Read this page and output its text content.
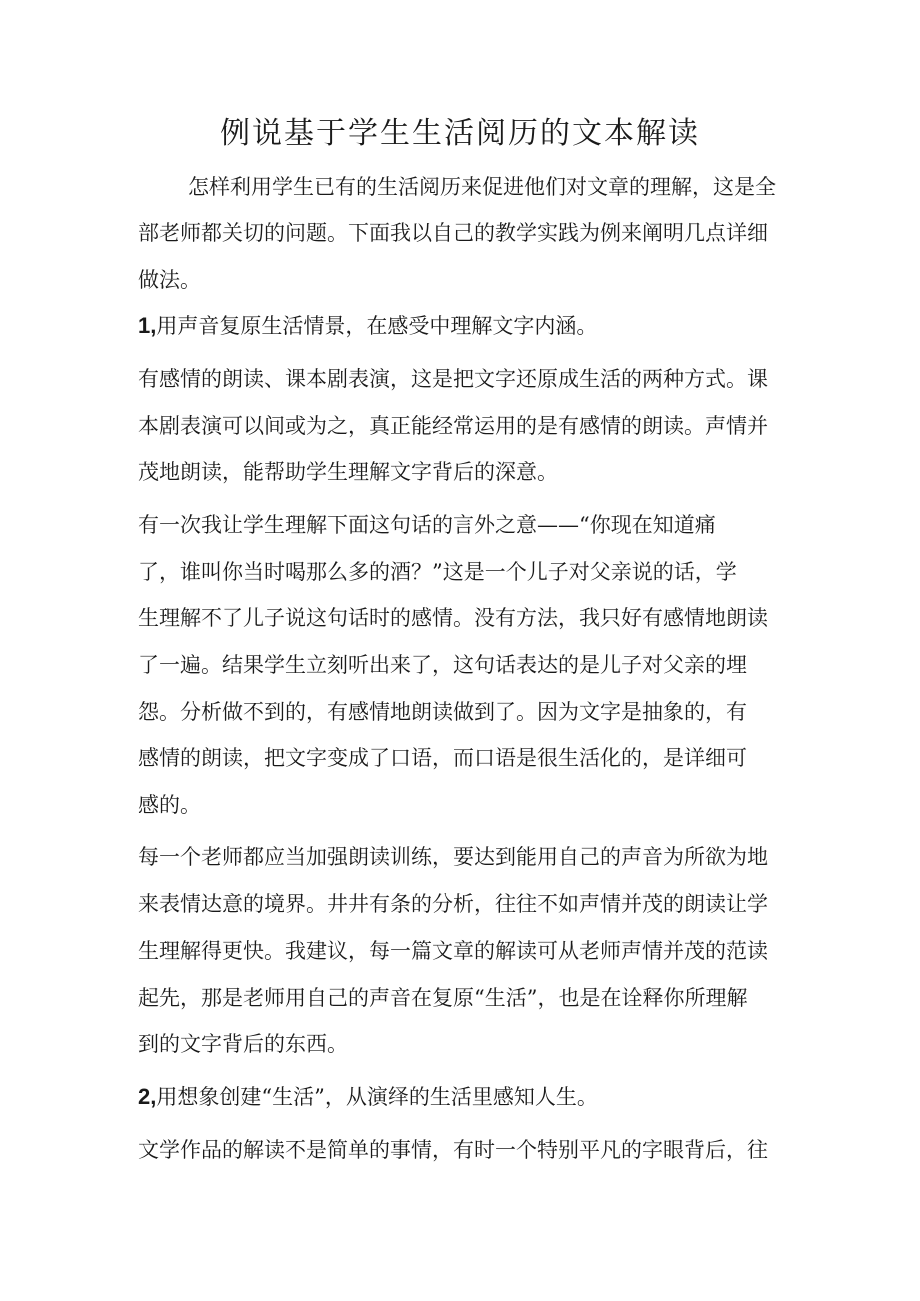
例说基于学生生活阅历的文本解读

怎样利用学生已有的生活阅历来促进他们对文章的理解，这是全

部老师都关切的问题。下面我以自己的教学实践为例来阐明几点详细

做法。

1,用声音复原生活情景，在感受中理解文字内涵。

有感情的朗读、课本剧表演，这是把文字还原成生活的两种方式。课

本剧表演可以间或为之，真正能经常运用的是有感情的朗读。声情并

茂地朗读，能帮助学生理解文字背后的深意。

有一次我让学生理解下面这句话的言外之意——“你现在知道痛

了，谁叫你当时喝那么多的酒？”这是一个儿子对父亲说的话，学

生理解不了儿子说这句话时的感情。没有方法，我只好有感情地朗读

了一遍。结果学生立刻听出来了，这句话表达的是儿子对父亲的埋

怨。分析做不到的，有感情地朗读做到了。因为文字是抽象的，有

感情的朗读，把文字变成了口语，而口语是很生活化的，是详细可

感的。

每一个老师都应当加强朗读训练，要达到能用自己的声音为所欲为地

来表情达意的境界。井井有条的分析，往往不如声情并茂的朗读让学

生理解得更快。我建议，每一篇文章的解读可从老师声情并茂的范读

起先，那是老师用自己的声音在复原“生活”，也是在诠释你所理解

到的文字背后的东西。

2,用想象创建“生活”，从演绎的生活里感知人生。

文学作品的解读不是简单的事情，有时一个特别平凡的字眼背后，往
